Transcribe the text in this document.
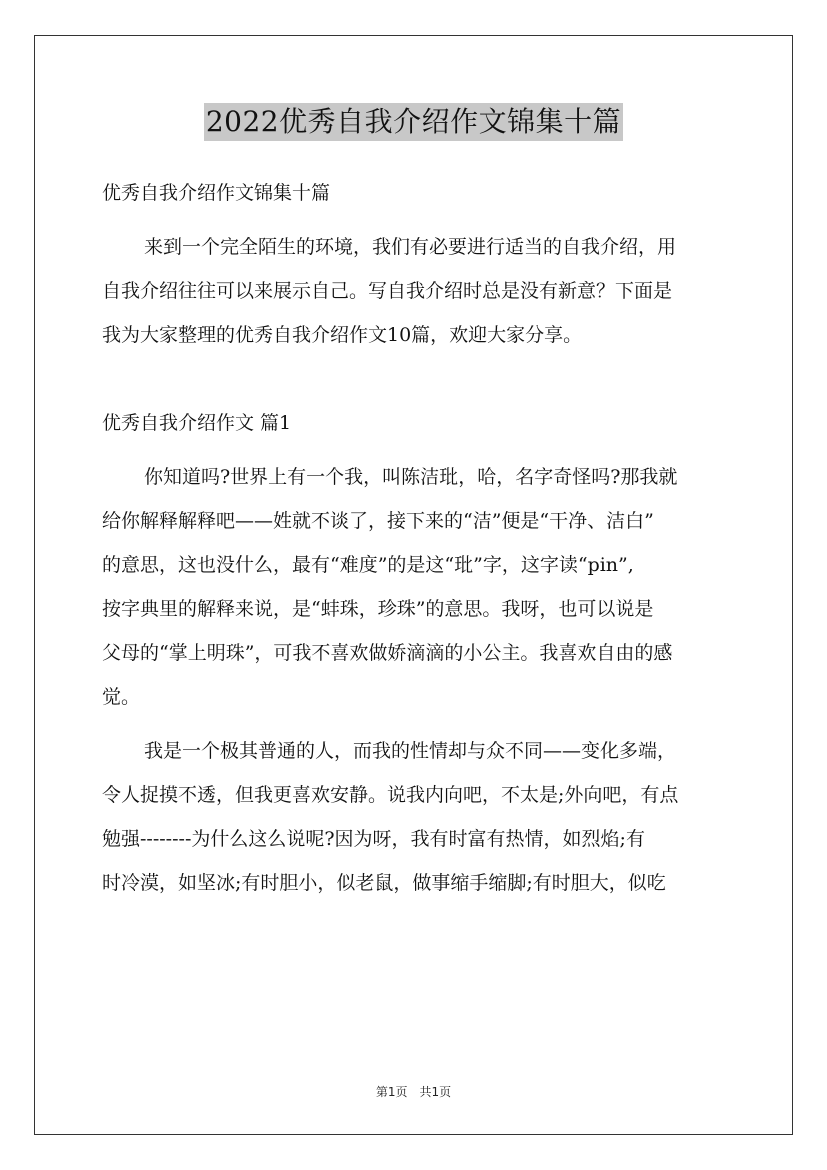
2022优秀自我介绍作文锦集十篇
优秀自我介绍作文锦集十篇
来到一个完全陌生的环境，我们有必要进行适当的自我介绍，用
自我介绍往往可以来展示自己。写自我介绍时总是没有新意？下面是
我为大家整理的优秀自我介绍作文10篇，欢迎大家分享。
优秀自我介绍作文 篇1
你知道吗?世界上有一个我，叫陈洁玭，哈，名字奇怪吗?那我就
给你解释解释吧——姓就不谈了，接下来的“洁”便是“干净、洁白”
的意思，这也没什么，最有“难度”的是这“玭”字，这字读“pin”,
按字典里的解释来说，是“蚌珠，珍珠”的意思。我呀，也可以说是
父母的“掌上明珠”，可我不喜欢做娇滴滴的小公主。我喜欢自由的感
觉。
我是一个极其普通的人，而我的性情却与众不同——变化多端，
令人捉摸不透，但我更喜欢安静。说我内向吧，不太是;外向吧，有点
勉强--------为什么这么说呢?因为呀，我有时富有热情，如烈焰;有
时冷漠，如坚冰;有时胆小，似老鼠，做事缩手缩脚;有时胆大，似吃
第1页 共1页
